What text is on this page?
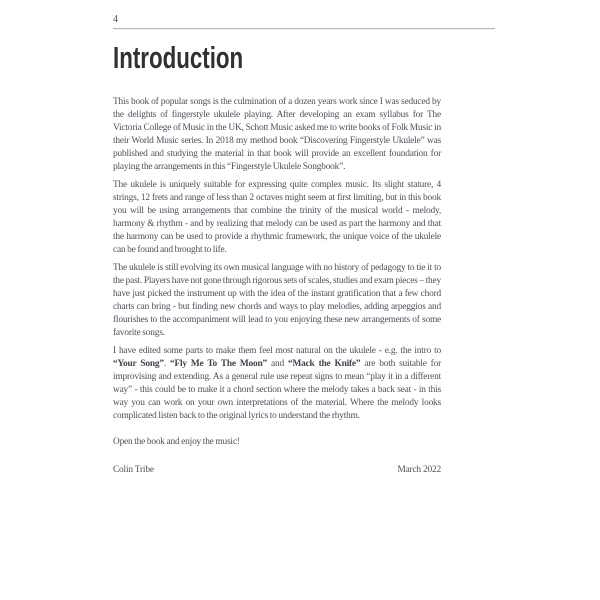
4
Introduction

This book of popular songs is the culmination of a dozen years work since I was seduced by the delights of fingerstyle ukulele playing. After developing an exam syllabus for The Victoria College of Music in the UK, Schott Music asked me to write books of Folk Music in their World Music series. In 2018 my method book “Discovering Fingerstyle Ukulele” was published and studying the material in that book will provide an excellent foundation for playing the arrangements in this “Fingerstyle Ukulele Songbook”.

The ukulele is uniquely suitable for expressing quite complex music. Its slight stature, 4 strings, 12 frets and range of less than 2 octaves might seem at first limiting, but in this book you will be using arrangements that combine the trinity of the musical world - melody, harmony & rhythm - and by realizing that melody can be used as part the harmony and that the harmony can be used to provide a rhythmic framework, the unique voice of the ukulele can be found and brought to life.

The ukulele is still evolving its own musical language with no history of pedagogy to tie it to the past. Players have not gone through rigorous sets of scales, studies and exam pieces – they have just picked the instrument up with the idea of the instant gratification that a few chord charts can bring - but finding new chords and ways to play melodies, adding arpeggios and flourishes to the accompaniment will lead to you enjoying these new arrangements of some favorite songs.

I have edited some parts to make them feel most natural on the ukulele - e.g. the intro to “Your Song”. “Fly Me To The Moon” and “Mack the Knife” are both suitable for improvising and extending. As a general rule use repeat signs to mean “play it in a different way” - this could be to make it a chord section where the melody takes a back seat - in this way you can work on your own interpretations of the material. Where the melody looks complicated listen back to the original lyrics to understand the rhythm.

Open the book and enjoy the music!
Colin Tribe	March 2022
